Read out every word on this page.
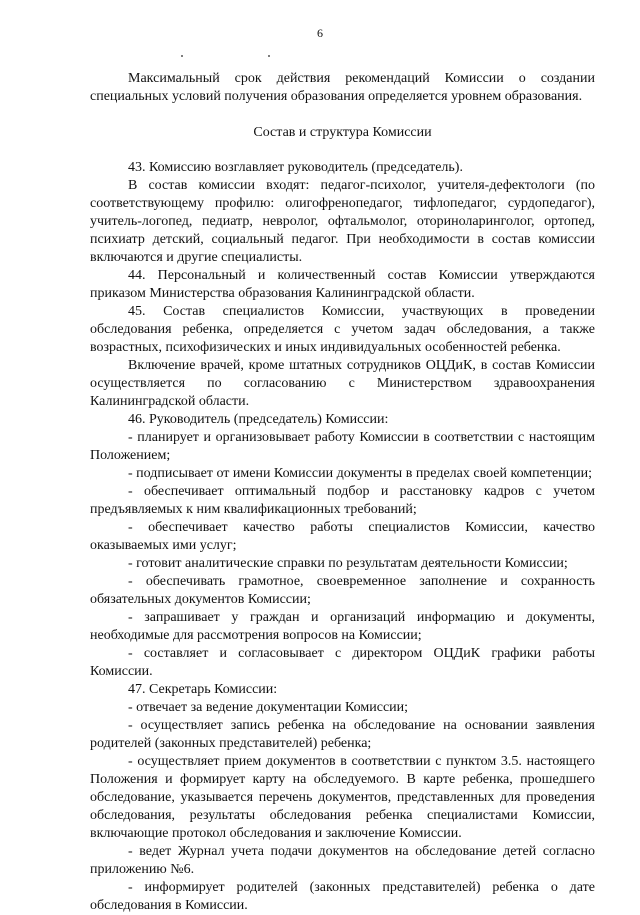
6

Максимальный срок действия рекомендаций Комиссии о создании специальных условий получения образования определяется уровнем образования.

Состав и структура Комиссии

43. Комиссию возглавляет руководитель (председатель).

В состав комиссии входят: педагог-психолог, учителя-дефектологи (по соответствующему профилю: олигофренопедагог, тифлопедагог, сурдопедагог), учитель-логопед, педиатр, невролог, офтальмолог, оториноларинголог, ортопед, психиатр детский, социальный педагог. При необходимости в состав комиссии включаются и другие специалисты.

44. Персональный и количественный состав Комиссии утверждаются приказом Министерства образования Калининградской области.

45. Состав специалистов Комиссии, участвующих в проведении обследования ребенка, определяется с учетом задач обследования, а также возрастных, психофизических и иных индивидуальных особенностей ребенка.

Включение врачей, кроме штатных сотрудников ОЦДиК, в состав Комиссии осуществляется по согласованию с Министерством здравоохранения Калининградской области.

46. Руководитель (председатель) Комиссии:

- планирует и организовывает работу Комиссии в соответствии с настоящим Положением;

- подписывает от имени Комиссии документы в пределах своей компетенции;

- обеспечивает оптимальный подбор и расстановку кадров с учетом предъявляемых к ним квалификационных требований;

- обеспечивает качество работы специалистов Комиссии, качество оказываемых ими услуг;

- готовит аналитические справки по результатам деятельности Комиссии;

- обеспечивать грамотное, своевременное заполнение и сохранность обязательных документов Комиссии;

- запрашивает у граждан и организаций информацию и документы, необходимые для рассмотрения вопросов на Комиссии;

- составляет и согласовывает с директором ОЦДиК графики работы Комиссии.

47. Секретарь Комиссии:

- отвечает за ведение документации Комиссии;

- осуществляет запись ребенка на обследование на основании заявления родителей (законных представителей) ребенка;

- осуществляет прием документов в соответствии с пунктом 3.5. настоящего Положения и формирует карту на обследуемого. В карте ребенка, прошедшего обследование, указывается перечень документов, представленных для проведения обследования, результаты обследования ребенка специалистами Комиссии, включающие протокол обследования и заключение Комиссии.

- ведет Журнал учета подачи документов на обследование детей согласно приложению №6.

- информирует родителей (законных представителей) ребенка о дате обследования в Комиссии.
